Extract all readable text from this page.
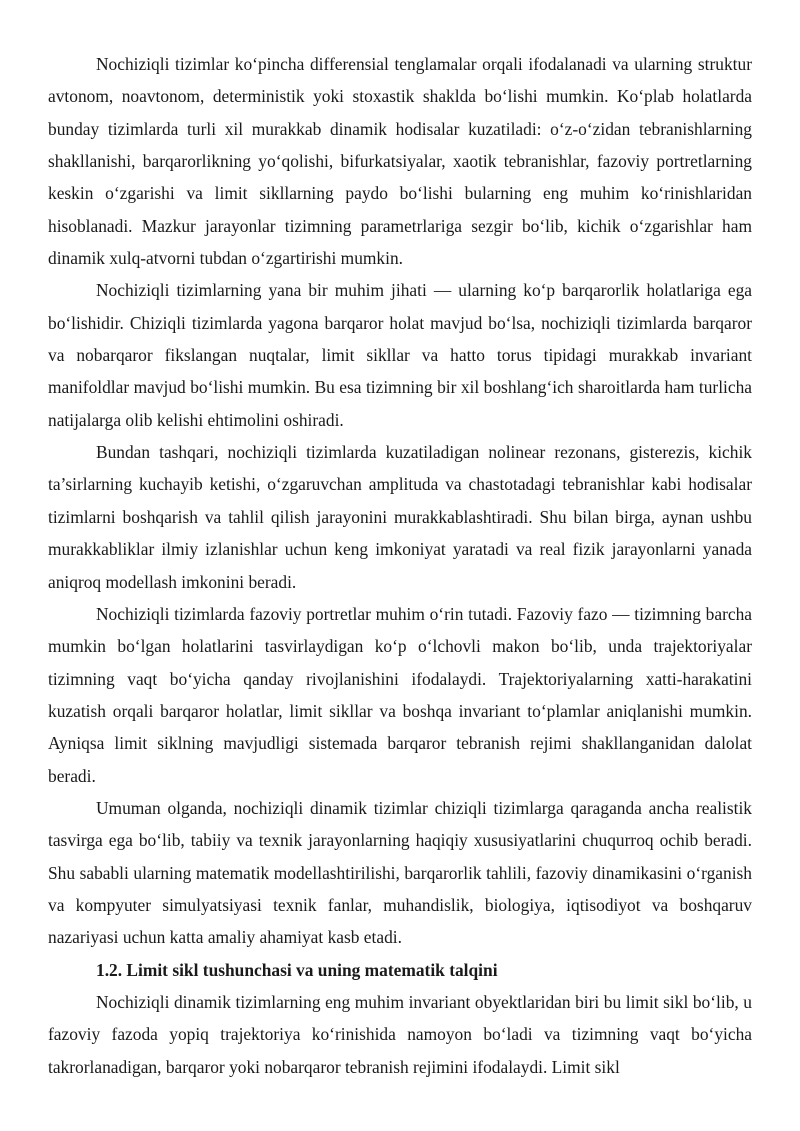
Nochiziqli tizimlar ko‘pincha differensial tenglamalar orqali ifodalanadi va ularning struktur avtonom, noavtonom, deterministik yoki stoxastik shaklda bo‘lishi mumkin. Ko‘plab holatlarda bunday tizimlarda turli xil murakkab dinamik hodisalar kuzatiladi: o‘z-o‘zidan tebranishlarning shakllanishi, barqarorlikning yo‘qolishi, bifurkatsiyalar, xaotik tebranishlar, fazoviy portretlarning keskin o‘zgarishi va limit sikllarning paydo bo‘lishi bularning eng muhim ko‘rinishlaridan hisoblanadi. Mazkur jarayonlar tizimning parametrlariga sezgir bo‘lib, kichik o‘zgarishlar ham dinamik xulq-atvorni tubdan o‘zgartirishi mumkin.

Nochiziqli tizimlarning yana bir muhim jihati — ularning ko‘p barqarorlik holatlariga ega bo‘lishidir. Chiziqli tizimlarda yagona barqaror holat mavjud bo‘lsa, nochiziqli tizimlarda barqaror va nobarqaror fikslangan nuqtalar, limit sikllar va hatto torus tipidagi murakkab invariant manifoldlar mavjud bo‘lishi mumkin. Bu esa tizimning bir xil boshlang‘ich sharoitlarda ham turlicha natijalarga olib kelishi ehtimolini oshiradi.

Bundan tashqari, nochiziqli tizimlarda kuzatiladigan nolinear rezonans, gisterezis, kichik ta’sirlarning kuchayib ketishi, o‘zgaruvchan amplituda va chastotadagi tebranishlar kabi hodisalar tizimlarni boshqarish va tahlil qilish jarayonini murakkablashtiradi. Shu bilan birga, aynan ushbu murakkabliklar ilmiy izlanishlar uchun keng imkoniyat yaratadi va real fizik jarayonlarni yanada aniqroq modellash imkonini beradi.

Nochiziqli tizimlarda fazoviy portretlar muhim o‘rin tutadi. Fazoviy fazo — tizimning barcha mumkin bo‘lgan holatlarini tasvirlaydigan ko‘p o‘lchovli makon bo‘lib, unda trajektoriyalar tizimning vaqt bo‘yicha qanday rivojlanishini ifodalaydi. Trajektoriyalarning xatti-harakatini kuzatish orqali barqaror holatlar, limit sikllar va boshqa invariant to‘plamlar aniqlanishi mumkin. Ayniqsa limit siklning mavjudligi sistemada barqaror tebranish rejimi shakllanganidan dalolat beradi.

Umuman olganda, nochiziqli dinamik tizimlar chiziqli tizimlarga qaraganda ancha realistik tasvirga ega bo‘lib, tabiiy va texnik jarayonlarning haqiqiy xususiyatlarini chuqurroq ochib beradi. Shu sababli ularning matematik modellashtirilishi, barqarorlik tahlili, fazoviy dinamikasini o‘rganish va kompyuter simulyatsiyasi texnik fanlar, muhandislik, biologiya, iqtisodiyot va boshqaruv nazariyasi uchun katta amaliy ahamiyat kasb etadi.

1.2. Limit sikl tushunchasi va uning matematik talqini

Nochiziqli dinamik tizimlarning eng muhim invariant obyektlaridan biri bu limit sikl bo‘lib, u fazoviy fazoda yopiq trajektoriya ko‘rinishida namoyon bo‘ladi va tizimning vaqt bo‘yicha takrorlanadigan, barqaror yoki nobarqaror tebranish rejimini ifodalaydi. Limit sikl
